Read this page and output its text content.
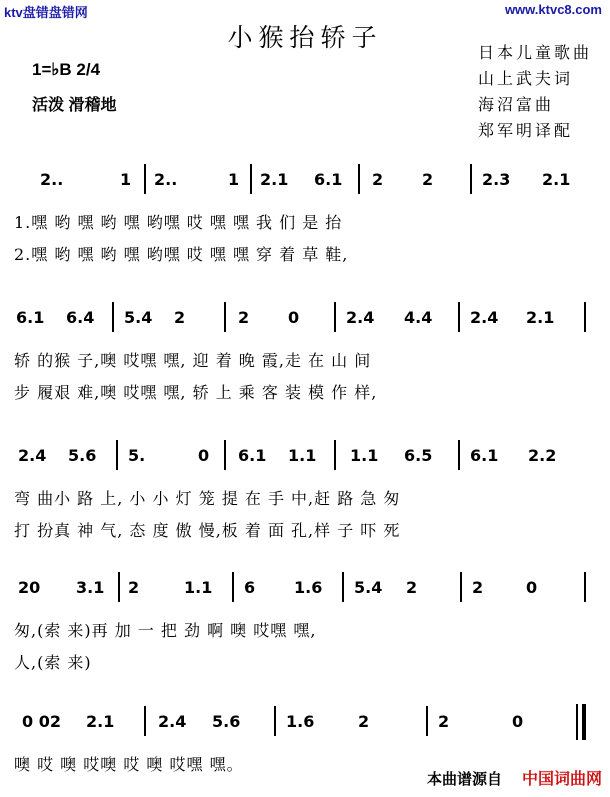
ktv盘错盘错网	www.ktvc8.com
小猴抬轿子
1=♭B 2/4
活泼 滑稽地
日本儿童歌曲
山上武夫词
海沼富曲
郑军明译配
2..	1 2..	1 2.1 6.1 2 2	2.3 2.1
1.嘿 哟 嘿 哟 嘿 哟嘿 哎 嘿 嘿 我 们 是 抬
2.嘿 哟 嘿 哟 嘿 哟嘿 哎 嘿 嘿 穿 着 草 鞋,
6.1 6.4 5.4 2	2 0	2.4 4.4 2.4 2.1
轿 的猴 子,噢 哎嘿 嘿, 迎 着 晚 霞,走 在 山 间
步 履艰 难,噢 哎嘿 嘿, 轿 上 乘 客 装 模 作 样,
2.4 5.6 5.	0 6.1 1.1 1.1 6.5 6.1 2.2
弯 曲小 路 上, 小 小 灯 笼 提 在 手 中,赶 路 急 匆
打 扮真 神 气, 态 度 傲 慢,板 着 面 孔,样 子 吓 死
20 3.1 2	1.1 6 1.6 5.4 2	2	0
匆,(索 来)再 加 一 把 劲 啊 噢 哎嘿 嘿,
人,(索 来)
0 02 2.1	2.4 5.6	1.6	2	2	0
噢 哎 噢 哎噢 哎 噢 哎嘿 嘿。
本曲谱源自 中国词曲网
